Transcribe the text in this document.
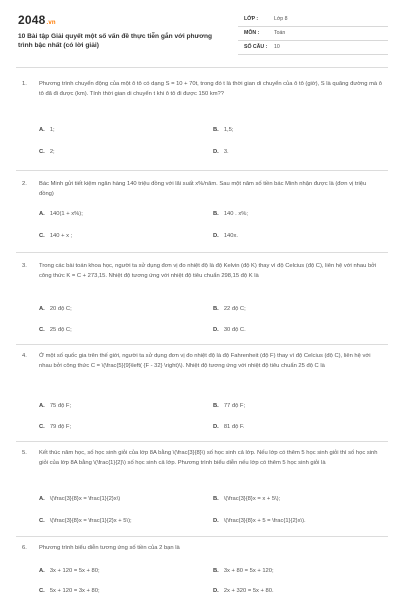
2048.vn
10 Bài tập Giải quyết một số vấn đề thực tiễn gắn với phương trình bậc nhất (có lời giải)
LỚP :	Lớp 8
MÔN :	Toán
SỐ CÂU : 10
1. Phương trình chuyển động của một ô tô có dạng S = 10 + 70t, trong đó t là thời gian di chuyển của ô tô (giờ), S là quãng đường mà ô tô đã đi được (km). Tính thời gian di chuyển t khi ô tô đi được 150 km??
A. 1;	B. 1,5;
C. 2;	D. 3.
2. Bác Minh gửi tiết kiệm ngân hàng 140 triệu đồng với lãi suất x%/năm. Sau một năm số tiền bác Minh nhận được là (đơn vị triệu đồng)
A. 140(1 + x%);	B. 140 . x%;
C. 140 + x ;	D. 140x.
3. Trong các bài toán khoa học, người ta sử dụng đơn vị đo nhiệt độ là độ Kelvin (độ K) thay vì độ Celcius (độ C), liên hệ với nhau bởi công thức K = C + 273,15. Nhiệt độ tương ứng với nhiệt độ tiêu chuẩn 298,15 độ K là
A. 20 độ C;	B. 22 độ C;
C. 25 độ C;	D. 30 độ C.
4. Ở một số quốc gia trên thế giới, người ta sử dụng đơn vị đo nhiệt độ là độ Fahrenheit (độ F) thay vì độ Celcius (độ C), liên hệ với nhau bởi công thức C = \(\frac{5}{9}\left( {F - 32} \right)\). Nhiệt độ tương ứng với nhiệt độ tiêu chuẩn 25 độ C là
A. 75 độ F;	B. 77 độ F;
C. 79 độ F;	D. 81 độ F.
5. Kết thúc năm học, số học sinh giỏi của lớp 8A bằng \(\frac{3}{8}\) số học sinh cả lớp. Nếu lớp có thêm 5 học sinh giỏi thì số học sinh giỏi của lớp 8A bằng \(\frac{1}{2}\) số học sinh cả lớp. Phương trình biểu diễn nếu lớp có thêm 5 học sinh giỏi là
A. \(\frac{3}{8}x = \frac{1}{2}x\)	B. \(\frac{3}{8}x = x + 5\);
C. \(\frac{3}{8}x = \frac{1}{2}x + 5\);	D. \(\frac{3}{8}x + 5 = \frac{1}{2}x\).
6. Phương trình biểu diễn tương ứng số tiền của 2 bạn là
A. 3x + 120 = 5x + 80;	B. 3x + 80 = 5x + 120;
C. 5x + 120 = 3x + 80;	D. 2x + 320 = 5x + 80.
